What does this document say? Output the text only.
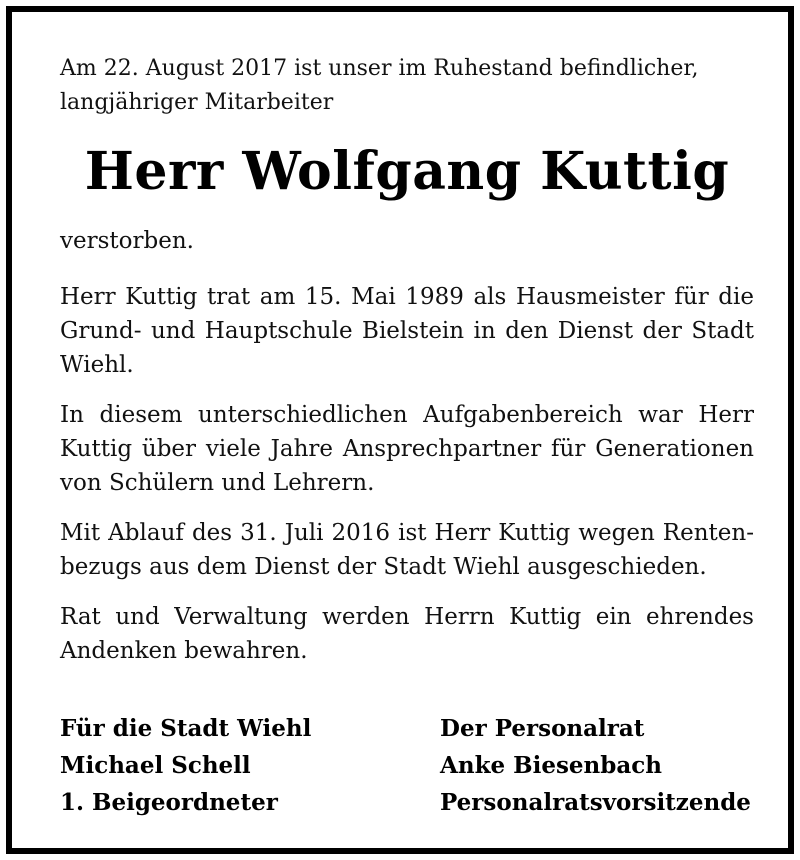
Am 22. August 2017 ist unser im Ruhestand befindlicher,
langjähriger Mitarbeiter
Herr Wolfgang Kuttig

verstorben.

Herr Kuttig trat am 15. Mai 1989 als Hausmeister für die Grund- und Hauptschule Bielstein in den Dienst der Stadt Wiehl.

In diesem unterschiedlichen Aufgabenbereich war Herr Kuttig über viele Jahre Ansprechpartner für Generationen von Schülern und Lehrern.

Mit Ablauf des 31. Juli 2016 ist Herr Kuttig wegen Renten-bezugs aus dem Dienst der Stadt Wiehl ausgeschieden.

Rat und Verwaltung werden Herrn Kuttig ein ehrendes Andenken bewahren.

Für die Stadt Wiehl
Michael Schell
1. Beigeordneter
Der Personalrat
Anke Biesenbach
Personalratsvorsitzende
